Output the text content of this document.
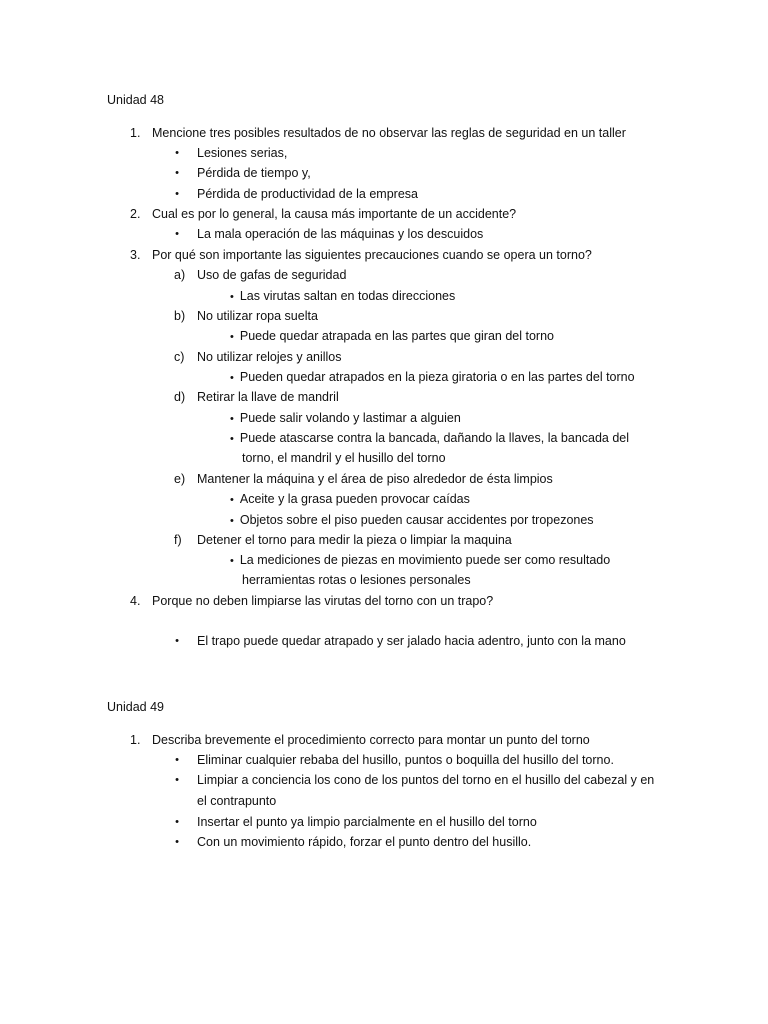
Unidad 48
1. Mencione tres posibles resultados de no observar las reglas de seguridad en un taller
• Lesiones serias,
• Pérdida de tiempo y,
• Pérdida de productividad de la empresa
2. Cual es por lo general, la causa más importante de un accidente?
• La mala operación de las máquinas y los descuidos
3. Por qué son importante las siguientes precauciones cuando se opera un torno?
a) Uso de gafas de seguridad
• Las virutas saltan en todas direcciones
b) No utilizar ropa suelta
• Puede quedar atrapada en las partes que giran del torno
c)	No utilizar relojes y anillos
• Pueden quedar atrapados en la pieza giratoria o en las partes del torno
d) Retirar la llave de mandril
• Puede salir volando y lastimar a alguien
• Puede atascarse contra la bancada, dañando la llaves, la bancada del
torno, el mandril y el husillo del torno
e) Mantener la máquina y el área de piso alrededor de ésta limpios
• Aceite y la grasa pueden provocar caídas
• Objetos sobre el piso pueden causar accidentes por tropezones
f)	Detener el torno para medir la pieza o limpiar la maquina
• La mediciones de piezas en movimiento puede ser como resultado
herramientas rotas o lesiones personales
4. Porque no deben limpiarse las virutas del torno con un trapo?
• El trapo puede quedar atrapado y ser jalado hacia adentro, junto con la mano
Unidad 49
1. Describa brevemente el procedimiento correcto para montar un punto del torno
• Eliminar cualquier rebaba del husillo, puntos o boquilla del husillo del torno.
• Limpiar a conciencia los cono de los puntos del torno en el husillo del cabezal y en
el contrapunto
• Insertar el punto ya limpio parcialmente en el husillo del torno
• Con un movimiento rápido, forzar el punto dentro del husillo.
